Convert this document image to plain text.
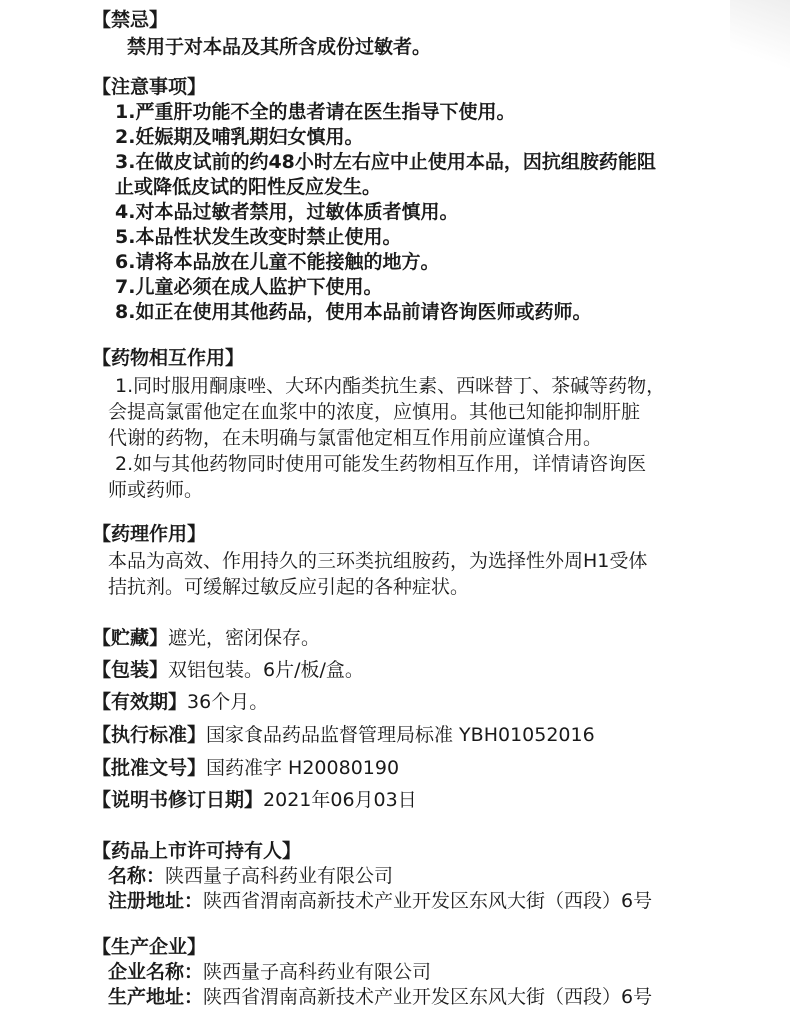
【禁忌】
禁用于对本品及其所含成份过敏者。
【注意事项】
1.严重肝功能不全的患者请在医生指导下使用。
2.妊娠期及哺乳期妇女慎用。
3.在做皮试前的约48小时左右应中止使用本品，因抗组胺药能阻
止或降低皮试的阳性反应发生。
4.对本品过敏者禁用，过敏体质者慎用。
5.本品性状发生改变时禁止使用。
6.请将本品放在儿童不能接触的地方。
7.儿童必须在成人监护下使用。
8.如正在使用其他药品，使用本品前请咨询医师或药师。
【药物相互作用】
1.同时服用酮康唑、大环内酯类抗生素、西咪替丁、茶碱等药物，
会提高氯雷他定在血浆中的浓度，应慎用。其他已知能抑制肝脏
代谢的药物，在未明确与氯雷他定相互作用前应谨慎合用。
2.如与其他药物同时使用可能发生药物相互作用，详情请咨询医
师或药师。
【药理作用】
本品为高效、作用持久的三环类抗组胺药，为选择性外周H1受体
拮抗剂。可缓解过敏反应引起的各种症状。
【贮藏】遮光，密闭保存。
【包装】双铝包装。6片/板/盒。
【有效期】36个月。
【执行标准】国家食品药品监督管理局标准 YBH01052016
【批准文号】国药准字 H20080190
【说明书修订日期】2021年06月03日
【药品上市许可持有人】
名称：陕西量子高科药业有限公司
注册地址：陕西省渭南高新技术产业开发区东风大街（西段）6号
【生产企业】
企业名称：陕西量子高科药业有限公司
生产地址：陕西省渭南高新技术产业开发区东风大街（西段）6号
